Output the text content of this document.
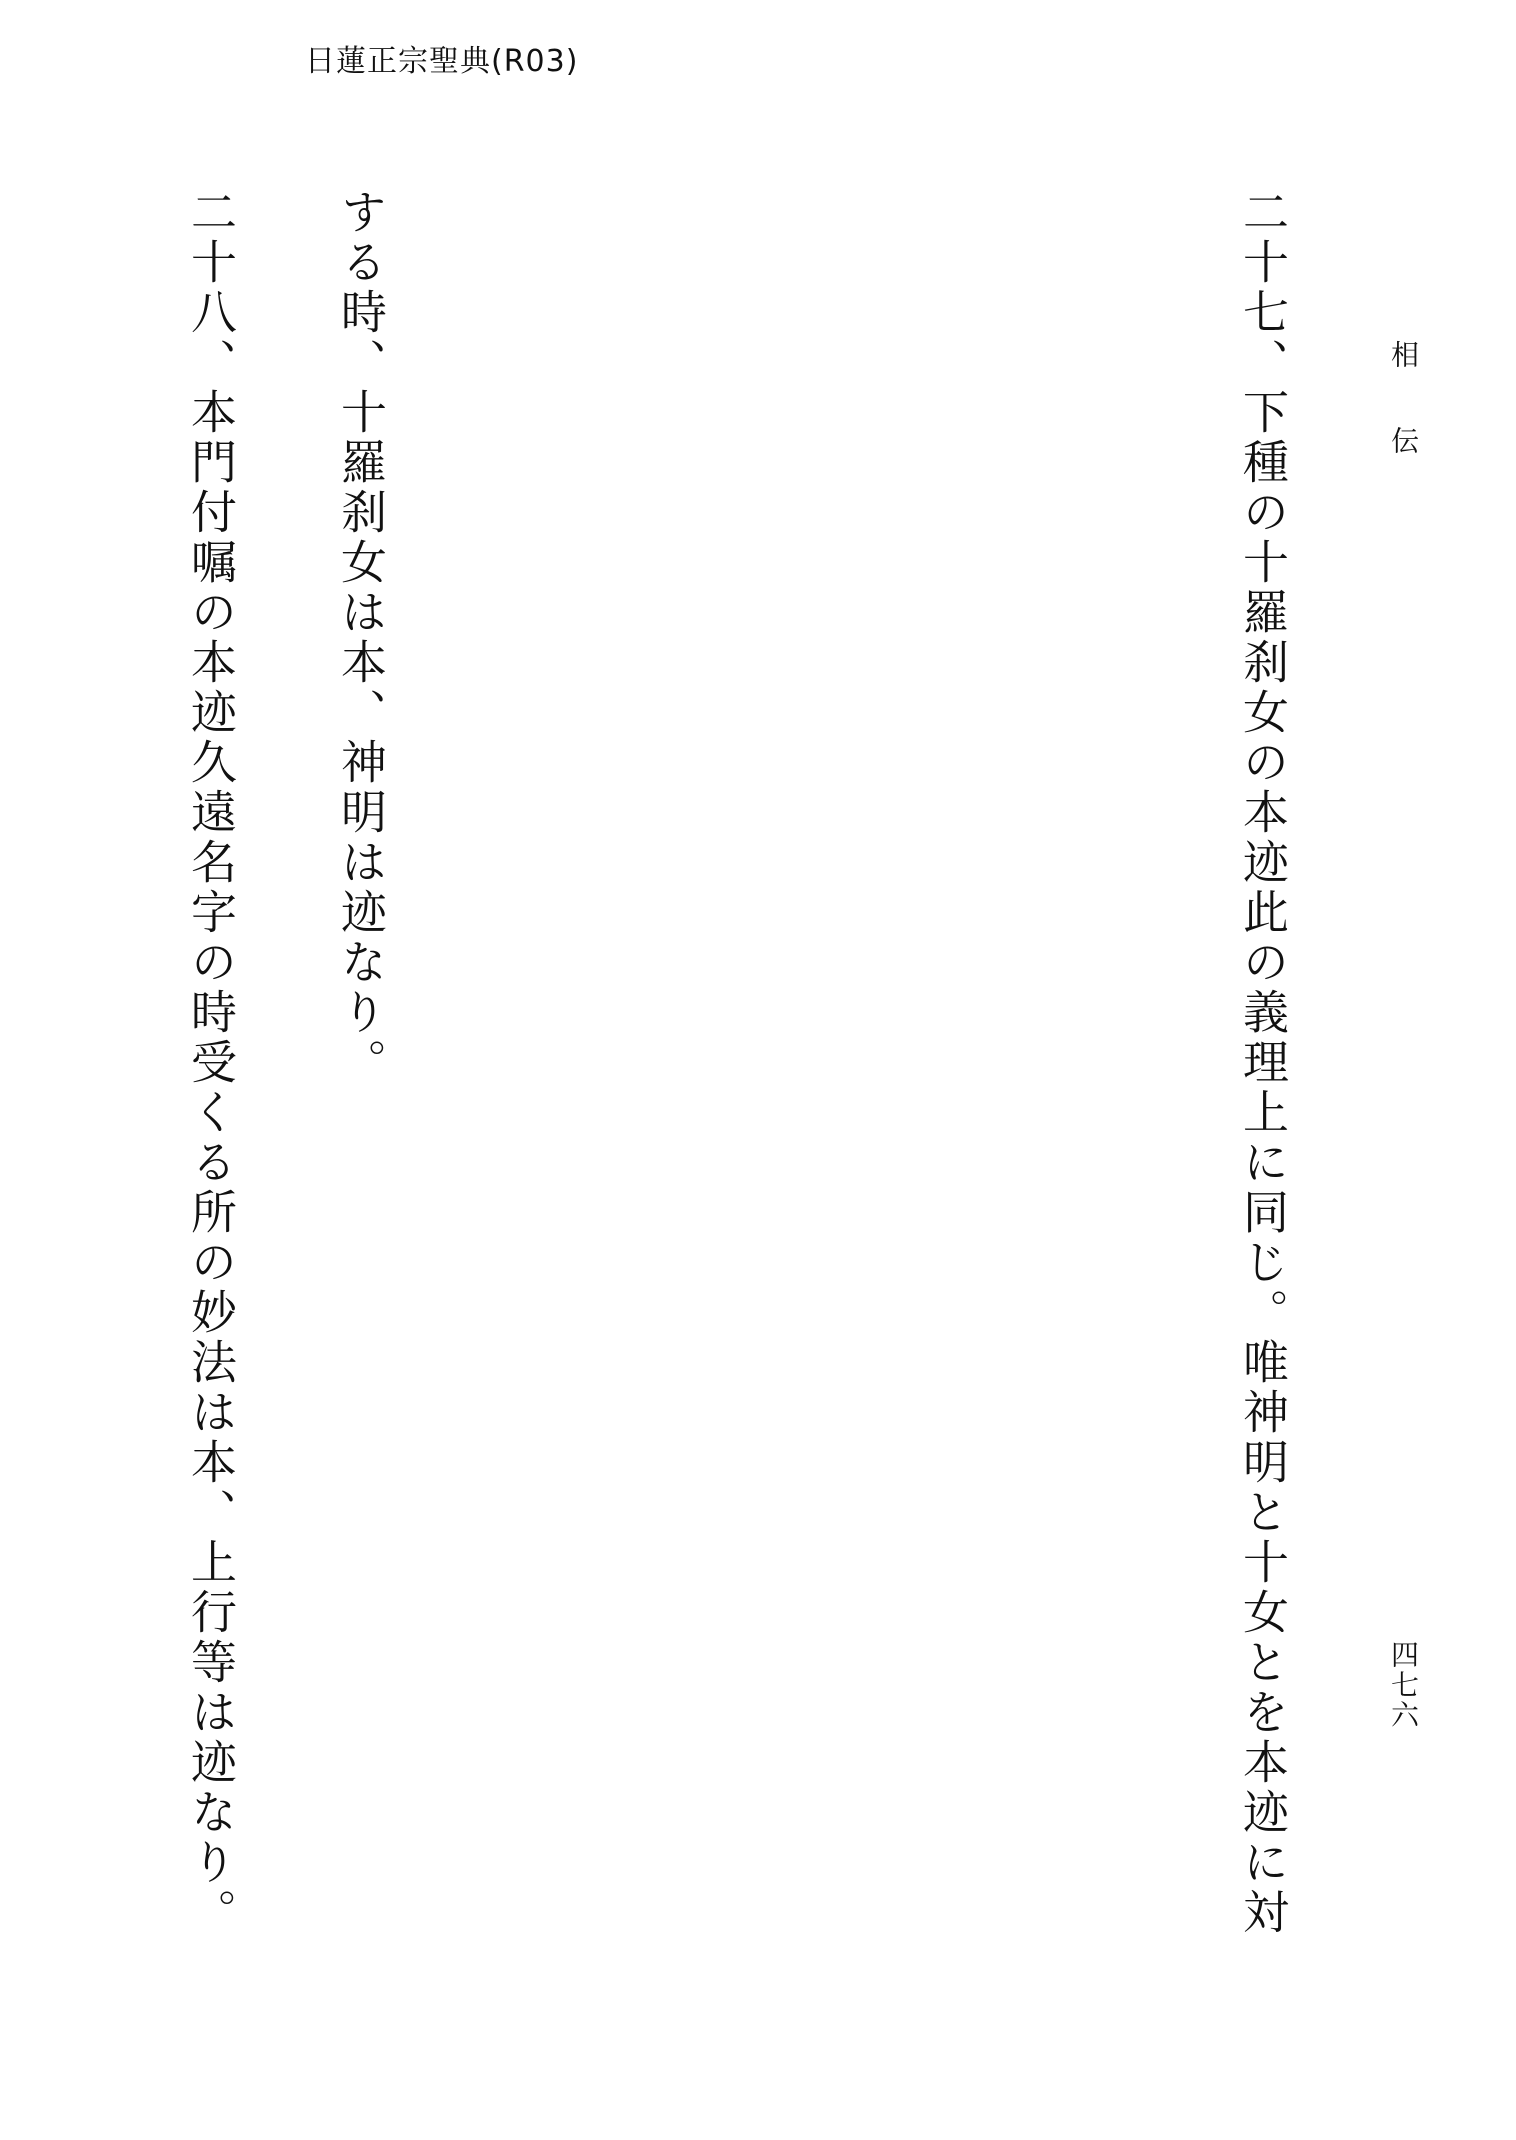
日蓮正宗聖典(R03)
相伝
四七六

二十七、下種の十羅刹女の本迹此の義理上に同じ。唯神明と十女とを本迹に対する時、十羅刹女は本、神明は迹なり。

二十八、本門付嘱の本迹久遠名字の時受くる所の妙法は本、上行等は迹なり。
